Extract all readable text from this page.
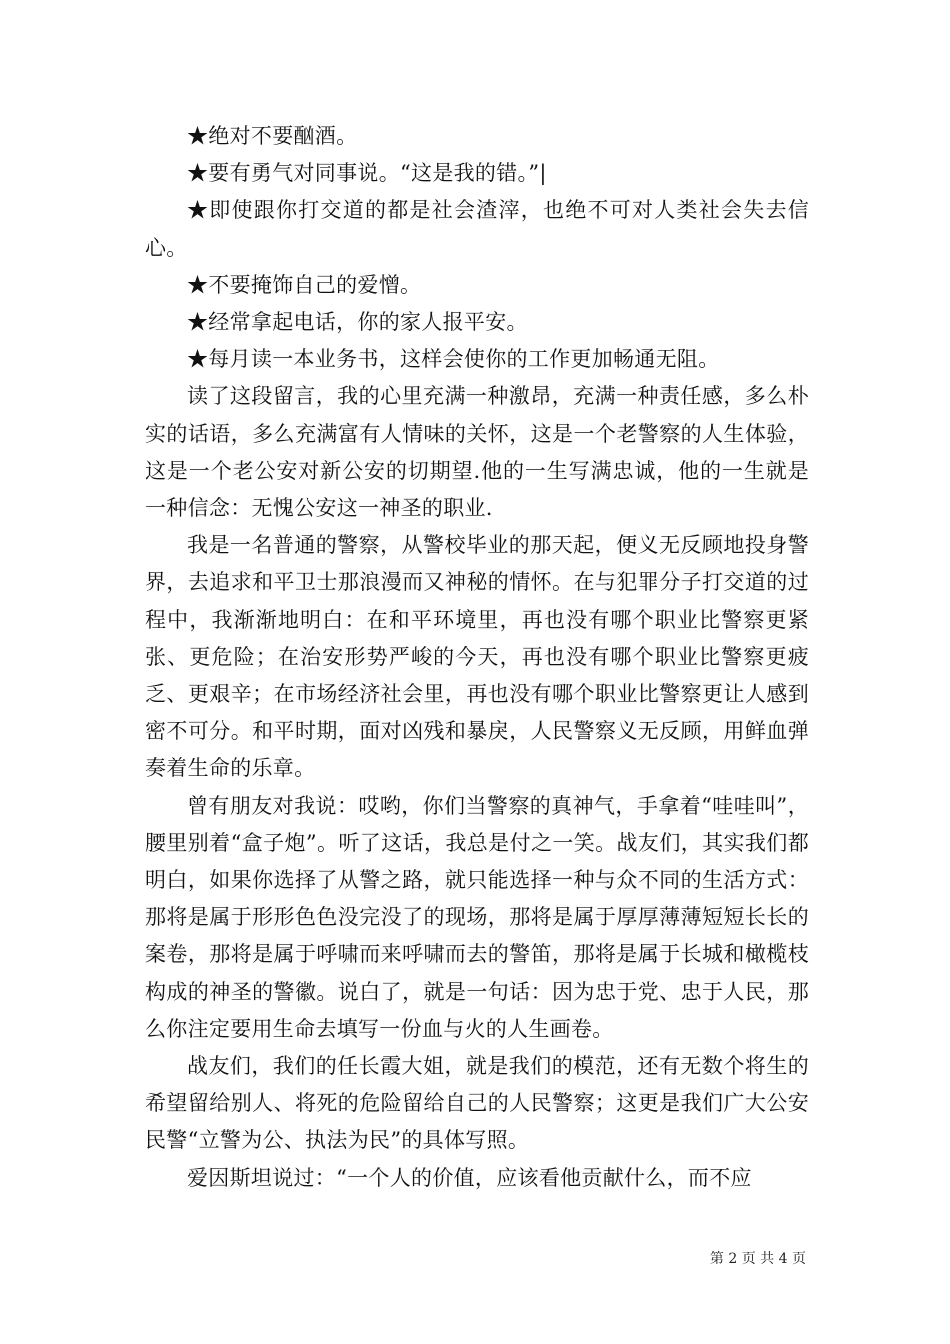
★绝对不要酗酒。

★要有勇气对同事说。“这是我的错。”|

★即使跟你打交道的都是社会渣滓，也绝不可对人类社会失去信心。

★不要掩饰自己的爱憎。

★经常拿起电话，你的家人报平安。

★每月读一本业务书，这样会使你的工作更加畅通无阻。

读了这段留言，我的心里充满一种激昂，充满一种责任感，多么朴实的话语，多么充满富有人情味的关怀，这是一个老警察的人生体验，这是一个老公安对新公安的切期望.他的一生写满忠诚，他的一生就是一种信念：无愧公安这一神圣的职业.

我是一名普通的警察，从警校毕业的那天起，便义无反顾地投身警界，去追求和平卫士那浪漫而又神秘的情怀。在与犯罪分子打交道的过程中，我渐渐地明白：在和平环境里，再也没有哪个职业比警察更紧张、更危险；在治安形势严峻的今天，再也没有哪个职业比警察更疲乏、更艰辛；在市场经济社会里，再也没有哪个职业比警察更让人感到密不可分。和平时期，面对凶残和暴戾，人民警察义无反顾，用鲜血弹奏着生命的乐章。

曾有朋友对我说：哎哟，你们当警察的真神气，手拿着“哇哇叫”，腰里别着“盒子炮”。听了这话，我总是付之一笑。战友们，其实我们都明白，如果你选择了从警之路，就只能选择一种与众不同的生活方式：那将是属于形形色色没完没了的现场，那将是属于厚厚薄薄短短长长的案卷，那将是属于呼啸而来呼啸而去的警笛，那将是属于长城和橄榄枝构成的神圣的警徽。说白了，就是一句话：因为忠于党、忠于人民，那么你注定要用生命去填写一份血与火的人生画卷。

战友们，我们的任长霞大姐，就是我们的模范，还有无数个将生的希望留给别人、将死的危险留给自己的人民警察；这更是我们广大公安民警“立警为公、执法为民”的具体写照。

爱因斯坦说过：“一个人的价值，应该看他贡献什么，而不应

第 2 页 共 4 页
